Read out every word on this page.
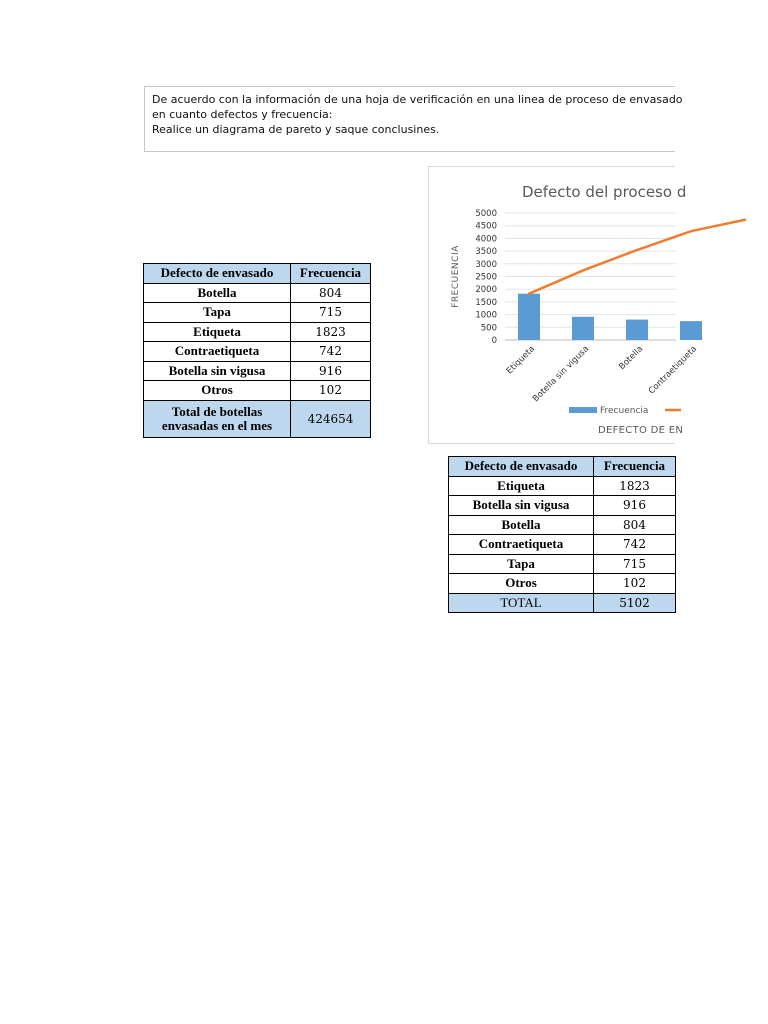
De acuerdo con la información de una hoja de verificación en una linea de proceso de envasado
en cuanto defectos y frecuencia:
Realice un diagrama de pareto y saque conclusines.
Defecto de envasado	Frecuencia
Botella	804
Tapa	715
Etiqueta	1823
Contraetiqueta	742
Botella sin vigusa	916
Otros	102
Total de botellas envasadas en el mes	424654
Defecto del proceso d
5000
4500
4000
3500
3000
2500
2000
1500
1000
500
0
FRECUENCIA
Etiqueta
Botella sin vigusa	Botella Contraetiqueta
Frecuencia
DEFECTO DE EN
Defecto de envasado	Frecuencia
Etiqueta	1823
Botella sin vigusa	916
Botella	804
Contraetiqueta	742
Tapa	715
Otros	102
TOTAL	5102
